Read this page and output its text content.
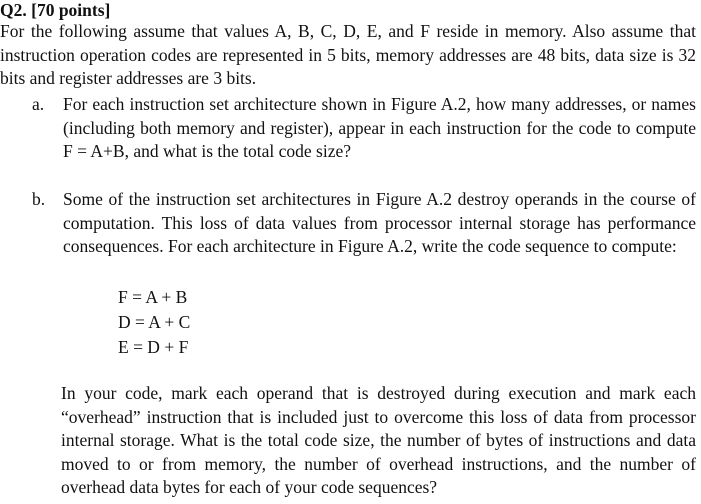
Q2. [70 points]

For the following assume that values A, B, C, D, E, and F reside in memory. Also assume that instruction operation codes are represented in 5 bits, memory addresses are 48 bits, data size is 32 bits and register addresses are 3 bits.

a. For each instruction set architecture shown in Figure A.2, how many addresses, or names (including both memory and register), appear in each instruction for the code to compute F = A+B, and what is the total code size?

b. Some of the instruction set architectures in Figure A.2 destroy operands in the course of computation. This loss of data values from processor internal storage has performance consequences. For each architecture in Figure A.2, write the code sequence to compute:

F = A + B
D = A + C
E = D + F

In your code, mark each operand that is destroyed during execution and mark each “overhead” instruction that is included just to overcome this loss of data from processor internal storage. What is the total code size, the number of bytes of instructions and data moved to or from memory, the number of overhead instructions, and the number of overhead data bytes for each of your code sequences?
